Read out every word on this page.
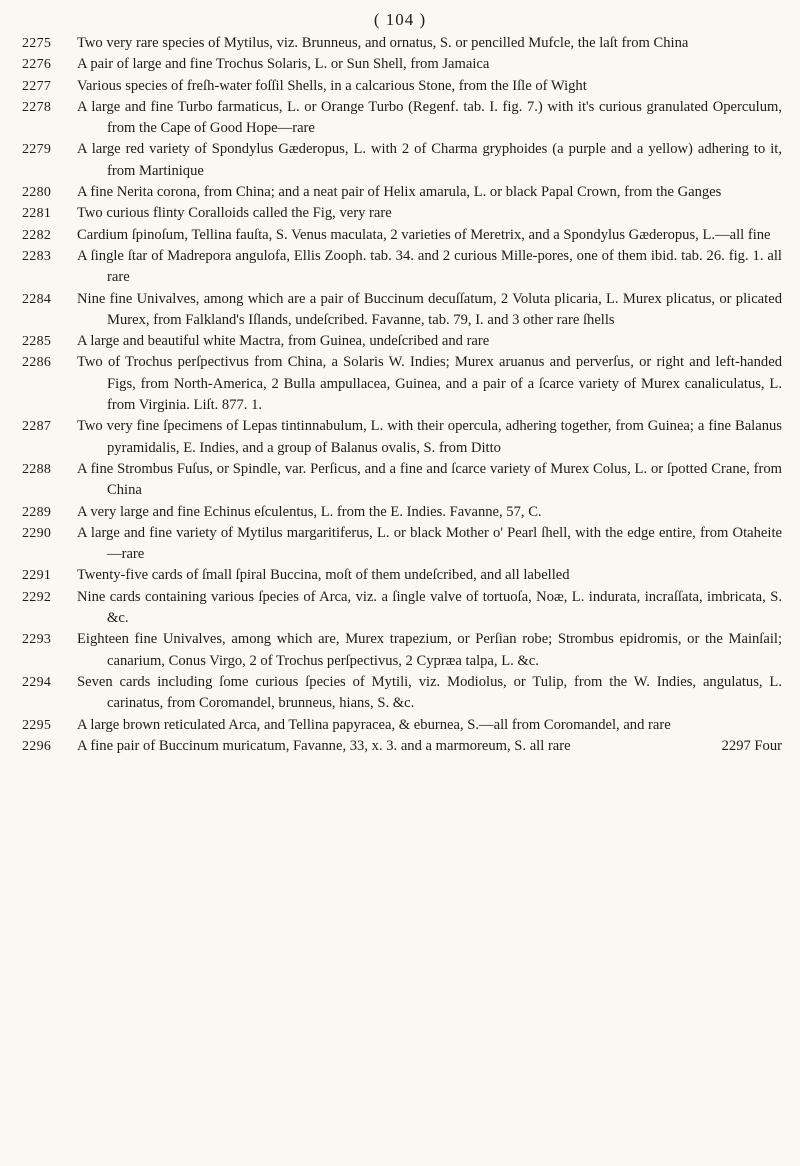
( 104 )
2275	Two very rare species of Mytilus, viz. Brunneus, and ornatus, S. or pencilled Mufcle, the laſt from China
2276	A pair of large and fine Trochus Solaris, L. or Sun Shell, from Jamaica
2277	Various species of freſh-water foſſil Shells, in a calcarious Stone, from the Iſle of Wight
2278	A large and fine Turbo farmaticus, L. or Orange Turbo (Regenf. tab. I. fig. 7.) with it's curious granulated Operculum, from the Cape of Good Hope—rare
2279	A large red variety of Spondylus Gæderopus, L. with 2 of Charma gryphoides (a purple and a yellow) adhering to it, from Martinique
2280	A fine Nerita corona, from China; and a neat pair of Helix amarula, L. or black Papal Crown, from the Ganges
2281	Two curious flinty Coralloids called the Fig, very rare
2282	Cardium ſpinoſum, Tellina fauſta, S. Venus maculata, 2 varieties of Meretrix, and a Spondylus Gæderopus, L.—all fine
2283	A ſingle ſtar of Madrepora angulofa, Ellis Zooph. tab. 34. and 2 curious Mille-pores, one of them ibid. tab. 26. fig. 1. all rare
2284	Nine fine Univalves, among which are a pair of Buccinum decuſſatum, 2 Voluta plicaria, L. Murex plicatus, or plicated Murex, from Falkland's Iſlands, undeſcribed. Favanne, tab. 79, I. and 3 other rare ſhells
2285	A large and beautiful white Mactra, from Guinea, undeſcribed and rare
2286	Two of Trochus perſpectivus from China, a Solaris W. Indies; Murex aruanus and perverſus, or right and left-handed Figs, from North-America, 2 Bulla ampullacea, Guinea, and a pair of a ſcarce variety of Murex canaliculatus, L. from Virginia. Liſt. 877. 1.
2287	Two very fine ſpecimens of Lepas tintinnabulum, L. with their opercula, adhering together, from Guinea; a fine Balanus pyramidalis, E. Indies, and a group of Balanus ovalis, S. from Ditto
2288	A fine Strombus Fuſus, or Spindle, var. Perſicus, and a fine and ſcarce variety of Murex Colus, L. or ſpotted Crane, from China
2289	A very large and fine Echinus eſculentus, L. from the E. Indies. Favanne, 57, C.
2290	A large and fine variety of Mytilus margaritiferus, L. or black Mother o' Pearl ſhell, with the edge entire, from Otaheite—rare
2291	Twenty-five cards of ſmall ſpiral Buccina, moſt of them undeſcribed, and all labelled
2292	Nine cards containing various ſpecies of Arca, viz. a ſingle valve of tortuoſa, Noæ, L. indurata, incraſſata, imbricata, S. &c.
2293	Eighteen fine Univalves, among which are, Murex trapezium, or Perſian robe; Strombus epidromis, or the Mainſail; canarium, Conus Virgo, 2 of Trochus perſpectivus, 2 Cypræa talpa, L. &c.
2294	Seven cards including ſome curious ſpecies of Mytili, viz. Modiolus, or Tulip, from the W. Indies, angulatus, L. carinatus, from Coromandel, brunneus, hians, S. &c.
2295	A large brown reticulated Arca, and Tellina papyracea, & eburnea, S.—all from Coromandel, and rare
2296	A fine pair of Buccinum muricatum, Favanne, 33, x. 3. and a marmoreum, S. all rare	2297 Four
